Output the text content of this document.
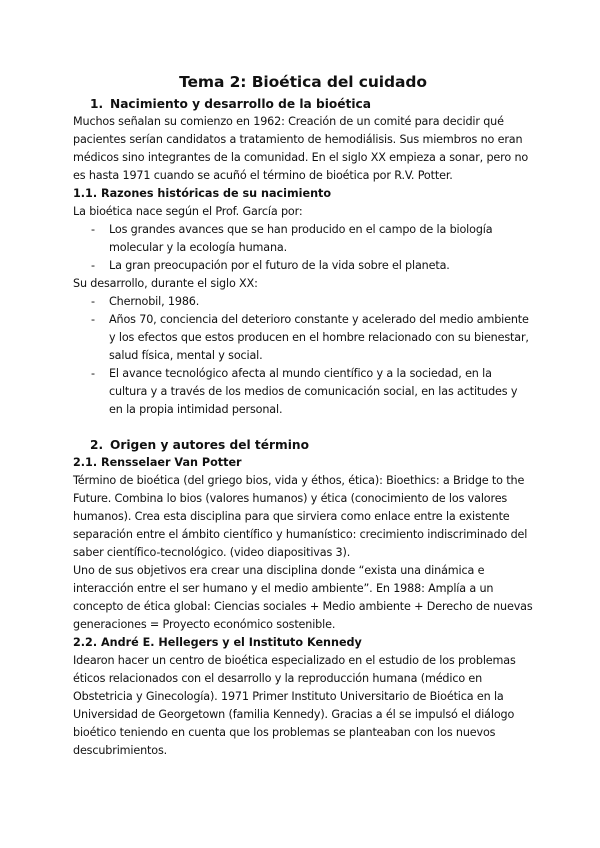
Tema 2: Bioética del cuidado
1. Nacimiento y desarrollo de la bioética

Muchos señalan su comienzo en 1962: Creación de un comité para decidir qué pacientes serían candidatos a tratamiento de hemodiálisis. Sus miembros no eran médicos sino integrantes de la comunidad. En el siglo XX empieza a sonar, pero no es hasta 1971 cuando se acuñó el término de bioética por R.V. Potter.

1.1. Razones históricas de su nacimiento

La bioética nace según el Prof. García por:

-	Los grandes avances que se han producido en el campo de la biología molecular y la ecología humana.
-	La gran preocupación por el futuro de la vida sobre el planeta.

Su desarrollo, durante el siglo XX:

-	Chernobil, 1986.
-	Años 70, conciencia del deterioro constante y acelerado del medio ambiente y los efectos que estos producen en el hombre relacionado con su bienestar, salud física, mental y social.
-	El avance tecnológico afecta al mundo científico y a la sociedad, en la cultura y a través de los medios de comunicación social, en las actitudes y en la propia intimidad personal.
2. Origen y autores del término
2.1. Rensselaer Van Potter

Término de bioética (del griego bios, vida y éthos, ética): Bioethics: a Bridge to the Future. Combina lo bios (valores humanos) y ética (conocimiento de los valores humanos). Crea esta disciplina para que sirviera como enlace entre la existente separación entre el ámbito científico y humanístico: crecimiento indiscriminado del saber científico-tecnológico. (video diapositivas 3).

Uno de sus objetivos era crear una disciplina donde “exista una dinámica e interacción entre el ser humano y el medio ambiente”. En 1988: Amplía a un concepto de ética global: Ciencias sociales + Medio ambiente + Derecho de nuevas generaciones = Proyecto económico sostenible.

2.2. André E. Hellegers y el Instituto Kennedy

Idearon hacer un centro de bioética especializado en el estudio de los problemas éticos relacionados con el desarrollo y la reproducción humana (médico en Obstetricia y Ginecología). 1971 Primer Instituto Universitario de Bioética en la Universidad de Georgetown (familia Kennedy). Gracias a él se impulsó el diálogo bioético teniendo en cuenta que los problemas se planteaban con los nuevos descubrimientos.
